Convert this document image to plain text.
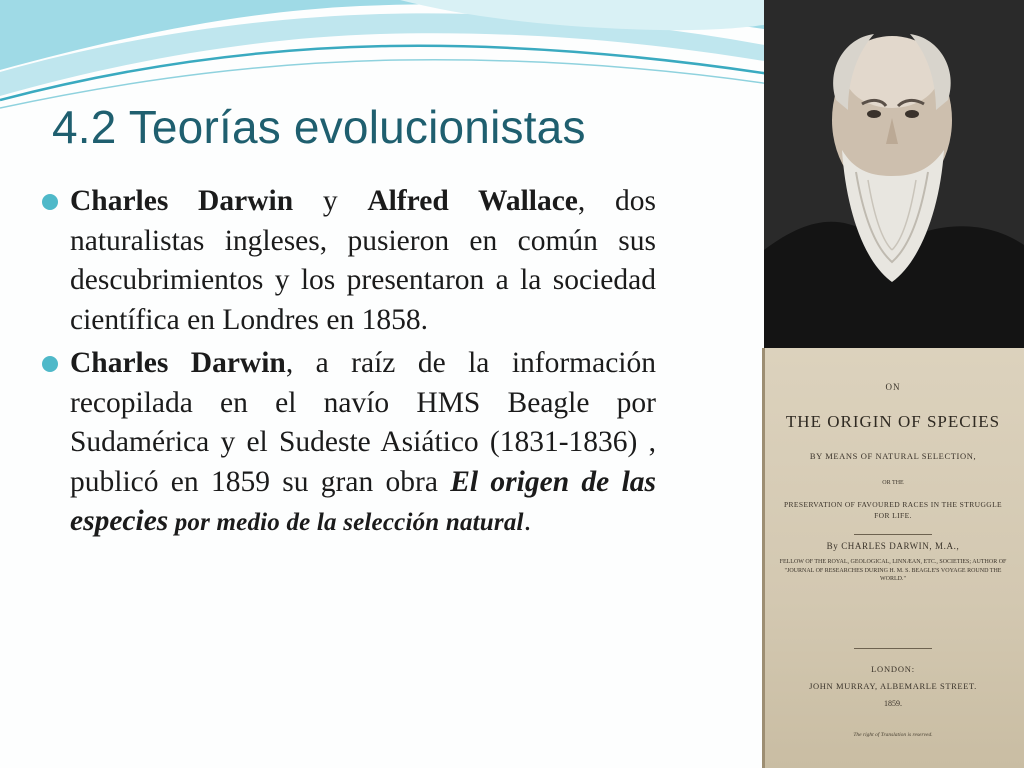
4.2 Teorías evolucionistas
Charles Darwin y Alfred Wallace, dos naturalistas ingleses, pusieron en común sus descubrimientos y los presentaron a la sociedad científica en Londres en 1858.
Charles Darwin, a raíz de la información recopilada en el navío HMS Beagle por Sudamérica y el Sudeste Asiático (1831-1836) , publicó en 1859 su gran obra El origen de las especies por medio de la selección natural.
ON
THE ORIGIN OF SPECIES
BY MEANS OF NATURAL SELECTION,
OR THE
PRESERVATION OF FAVOURED RACES IN THE STRUGGLE FOR LIFE.
By CHARLES DARWIN, M.A.,
FELLOW OF THE ROYAL, GEOLOGICAL, LINNÆAN, ETC., SOCIETIES; AUTHOR OF "JOURNAL OF RESEARCHES DURING H. M. S. BEAGLE'S VOYAGE ROUND THE WORLD."
LONDON:
JOHN MURRAY, ALBEMARLE STREET.
1859.
The right of Translation is reserved.
